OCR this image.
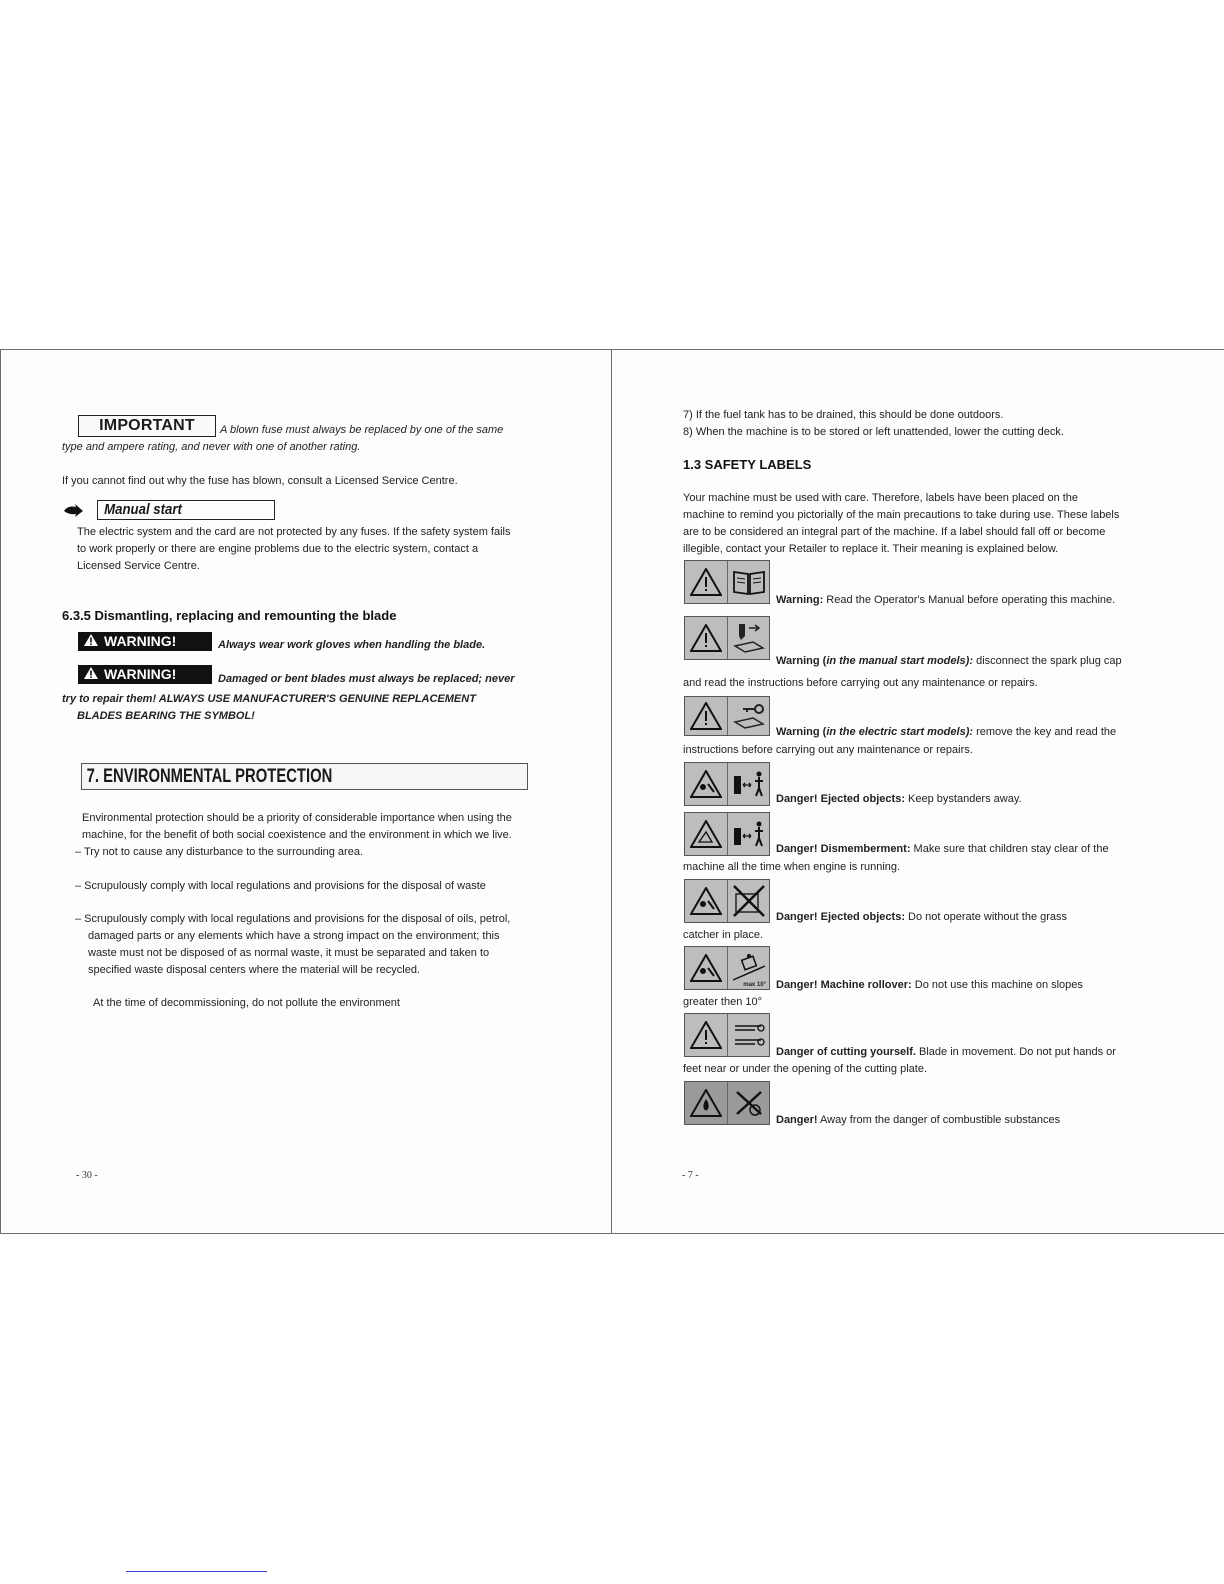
IMPORTANT	A blown fuse must always be replaced by one of the same
type and ampere rating, and never with one of another rating.
If you cannot find out why the fuse has blown, consult a Licensed Service Centre.
Manual start
The electric system and the card are not protected by any fuses. If the safety system fails
to work properly or there are engine problems due to the electric system, contact a
Licensed Service Centre.
6.3.5 Dismantling, replacing and remounting the blade
WARNING!	Always wear work gloves when handling the blade.
WARNING!	Damaged or bent blades must always be replaced; never
try to repair them! ALWAYS USE MANUFACTURER'S GENUINE REPLACEMENT
BLADES BEARING THE SYMBOL!
7. ENVIRONMENTAL PROTECTION
Environmental protection should be a priority of considerable importance when using the
machine, for the benefit of both social coexistence and the environment in which we live.
– Try not to cause any disturbance to the surrounding area.
– Scrupulously comply with local regulations and provisions for the disposal of waste
– Scrupulously comply with local regulations and provisions for the disposal of oils, petrol,
damaged parts or any elements which have a strong impact on the environment; this
waste must not be disposed of as normal waste, it must be separated and taken to
specified waste disposal centers where the material will be recycled.
At the time of decommissioning, do not pollute the environment
- 30 -
7) If the fuel tank has to be drained, this should be done outdoors.
8) When the machine is to be stored or left unattended, lower the cutting deck.
1.3 SAFETY LABELS
Your machine must be used with care. Therefore, labels have been placed on the
machine to remind you pictorially of the main precautions to take during use. These labels
are to be considered an integral part of the machine. If a label should fall off or become
illegible, contact your Retailer to replace it. Their meaning is explained below.
Warning: Read the Operator's Manual before operating this machine.
Warning (in the manual start models): disconnect the spark plug cap
and read the instructions before carrying out any maintenance or repairs.
Warning (in the electric start models): remove the key and read the
instructions before carrying out any maintenance or repairs.
Danger! Ejected objects: Keep bystanders away.
Danger! Dismemberment: Make sure that children stay clear of the
machine all the time when engine is running.
Danger! Ejected objects: Do not operate without the grass
catcher in place.
max 10° Danger! Machine rollover: Do not use this machine on slopes
greater then 10°
Danger of cutting yourself. Blade in movement. Do not put hands or
feet near or under the opening of the cutting plate.
Danger! Away from the danger of combustible substances
- 7 -
